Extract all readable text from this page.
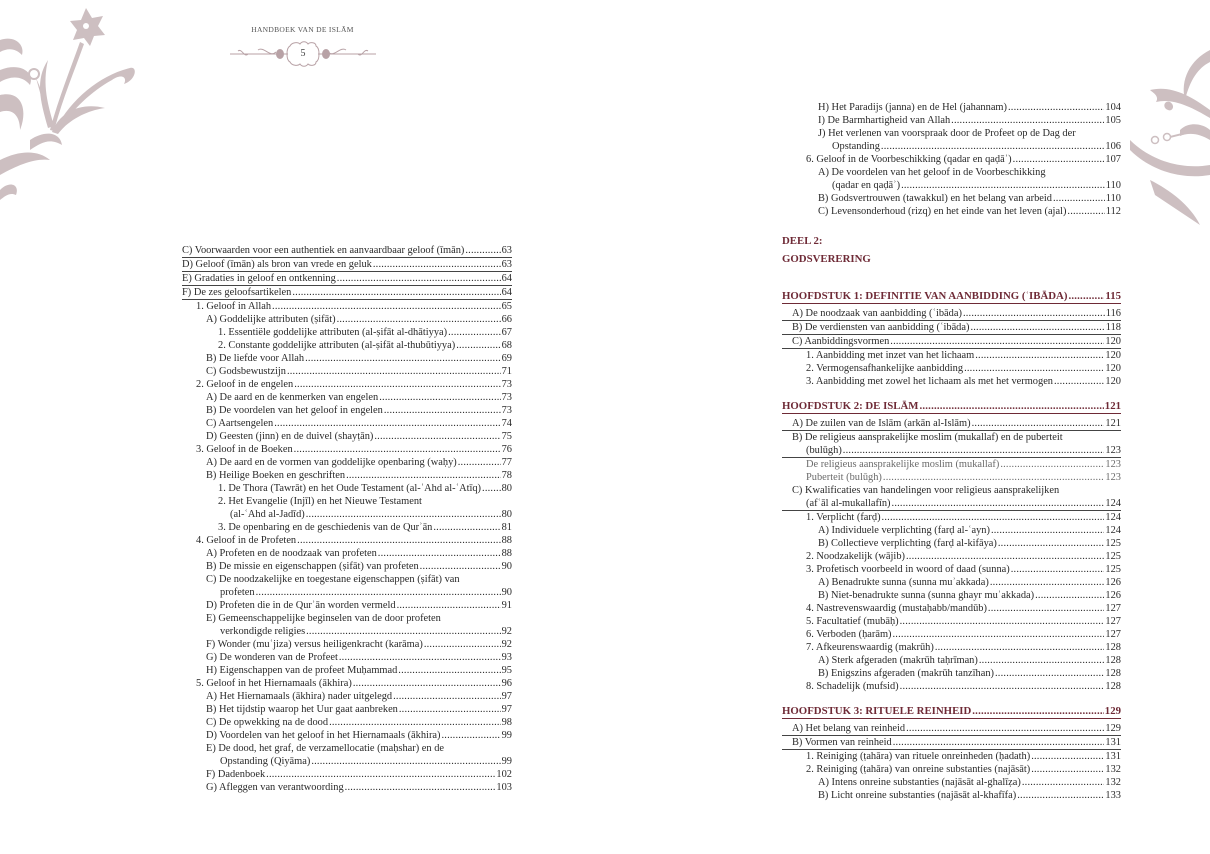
HANDBOEK VAN DE ISLĀM
5
C) Voorwaarden voor een authentiek en aanvaardbaar geloof (īmān) .....	63
D) Geloof (īmān) als bron van vrede en geluk .....	63
E) Gradaties in geloof en ontkenning .....	64
F) De zes geloofsartikelen .....	64
1. Geloof in Allah .....	65
A) Goddelijke attributen (ṣifāt) .....	66
1. Essentiële goddelijke attributen (al-ṣifāt al-dhātiyya) .....	67
2. Constante goddelijke attributen (al-ṣifāt al-thubūtiyya) .....	68
B) De liefde voor Allah .....	69
C) Godsbewustzijn .....	71
2. Geloof in de engelen .....	73
A) De aard en de kenmerken van engelen .....	73
B) De voordelen van het geloof in engelen .....	73
C) Aartsengelen .....	74
D) Geesten (jinn) en de duivel (shayṭān) .....	75
3. Geloof in de Boeken .....	76
A) De aard en de vormen van goddelijke openbaring (waḥy) .....	77
B) Heilige Boeken en geschriften .....	78
1. De Thora (Tawrāt) en het Oude Testament (al-ʿAhd al-ʿAtīq) ..... 80
2. Het Evangelie (Injīl) en het Nieuwe Testament
(al-ʿAhd al-Jadīd) .....	80
3. De openbaring en de geschiedenis van de Qurʾān .....	81
4. Geloof in de Profeten .....	88
A) Profeten en de noodzaak van profeten .....	88
B) De missie en eigenschappen (ṣifāt) van profeten .....	90
C) De noodzakelijke en toegestane eigenschappen (ṣifāt) van
profeten .....	90
D) Profeten die in de Qurʾān worden vermeld .....	91
E) Gemeenschappelijke beginselen van de door profeten
verkondigde religies .....	92
F) Wonder (muʿjiza) versus heiligenkracht (karāma) .....	92
G) De wonderen van de Profeet .....	93
H) Eigenschappen van de profeet Muḥammad .....	95
5. Geloof in het Hiernamaals (ākhira) .....	96
A) Het Hiernamaals (ākhira) nader uitgelegd .....	97
B) Het tijdstip waarop het Uur gaat aanbreken .....	97
C) De opwekking na de dood .....	98
D) Voordelen van het geloof in het Hiernamaals (ākhira) .....	99
E) De dood, het graf, de verzamellocatie (maḥshar) en de
Opstanding (Qiyāma) .....	99
F) Dadenboek .....	102
G) Afleggen van verantwoording .....	103
H) Het Paradijs (janna) en de Hel (jahannam) .....	104
I) De Barmhartigheid van Allah .....	105
J) Het verlenen van voorspraak door de Profeet op de Dag der
Opstanding .....	106
6. Geloof in de Voorbeschikking (qadar en qaḍāʾ) .....	107
A) De voordelen van het geloof in de Voorbeschikking
(qadar en qaḍāʾ) .....	110
B) Godsvertrouwen (tawakkul) en het belang van arbeid .....	110
C) Levensonderhoud (rizq) en het einde van het leven (ajal) .....	112
DEEL 2:
GODSVERERING
HOOFDSTUK 1: DEFINITIE VAN AANBIDDING (ʿIBĀDA) .....	115
A) De noodzaak van aanbidding (ʿibāda) .....	116
B) De verdiensten van aanbidding (ʿibāda) .....	118
C) Aanbiddingsvormen .....	120
1. Aanbidding met inzet van het lichaam .....	120
2. Vermogensafhankelijke aanbidding .....	120
3. Aanbidding met zowel het lichaam als met het vermogen .....	120
HOOFDSTUK 2: DE ISLĀM .....	121
A) De zuilen van de Islām (arkān al-Islām) .....	121
B) De religieus aansprakelijke moslim (mukallaf) en de puberteit
(bulūgh) .....	123
De religieus aansprakelijke moslim (mukallaf) .....	123
Puberteit (bulūgh) .....	123
C) Kwalificaties van handelingen voor religieus aansprakelijken
(afʿāl al-mukallafīn) .....	124
1. Verplicht (farḍ) .....	124
A) Individuele verplichting (farḍ al-ʿayn) .....	124
B) Collectieve verplichting (farḍ al-kifāya) .....	125
2. Noodzakelijk (wājib) .....	125
3. Profetisch voorbeeld in woord of daad (sunna) .....	125
A) Benadrukte sunna (sunna muʾakkada) .....	126
B) Niet-benadrukte sunna (sunna ghayr muʾakkada) .....	126
4. Nastrevenswaardig (mustaḥabb/mandūb) .....	127
5. Facultatief (mubāḥ) .....	127
6. Verboden (ḥarām) .....	127
7. Afkeurenswaardig (makrūh) .....	128
A) Sterk afgeraden (makrūh taḥrīman) .....	128
B) Enigszins afgeraden (makrūh tanzīhan) .....	128
8. Schadelijk (mufsid) .....	128
HOOFDSTUK 3: RITUELE REINHEID .....	129
A) Het belang van reinheid .....	129
B) Vormen van reinheid .....	131
1. Reiniging (ṭahāra) van rituele onreinheden (ḥadath) .....	131
2. Reiniging (ṭahāra) van onreine substanties (najāsāt) .....	132
A) Intens onreine substanties (najāsāt al-ghalīẓa) .....	132
B) Licht onreine substanties (najāsāt al-khafīfa) .....	133
